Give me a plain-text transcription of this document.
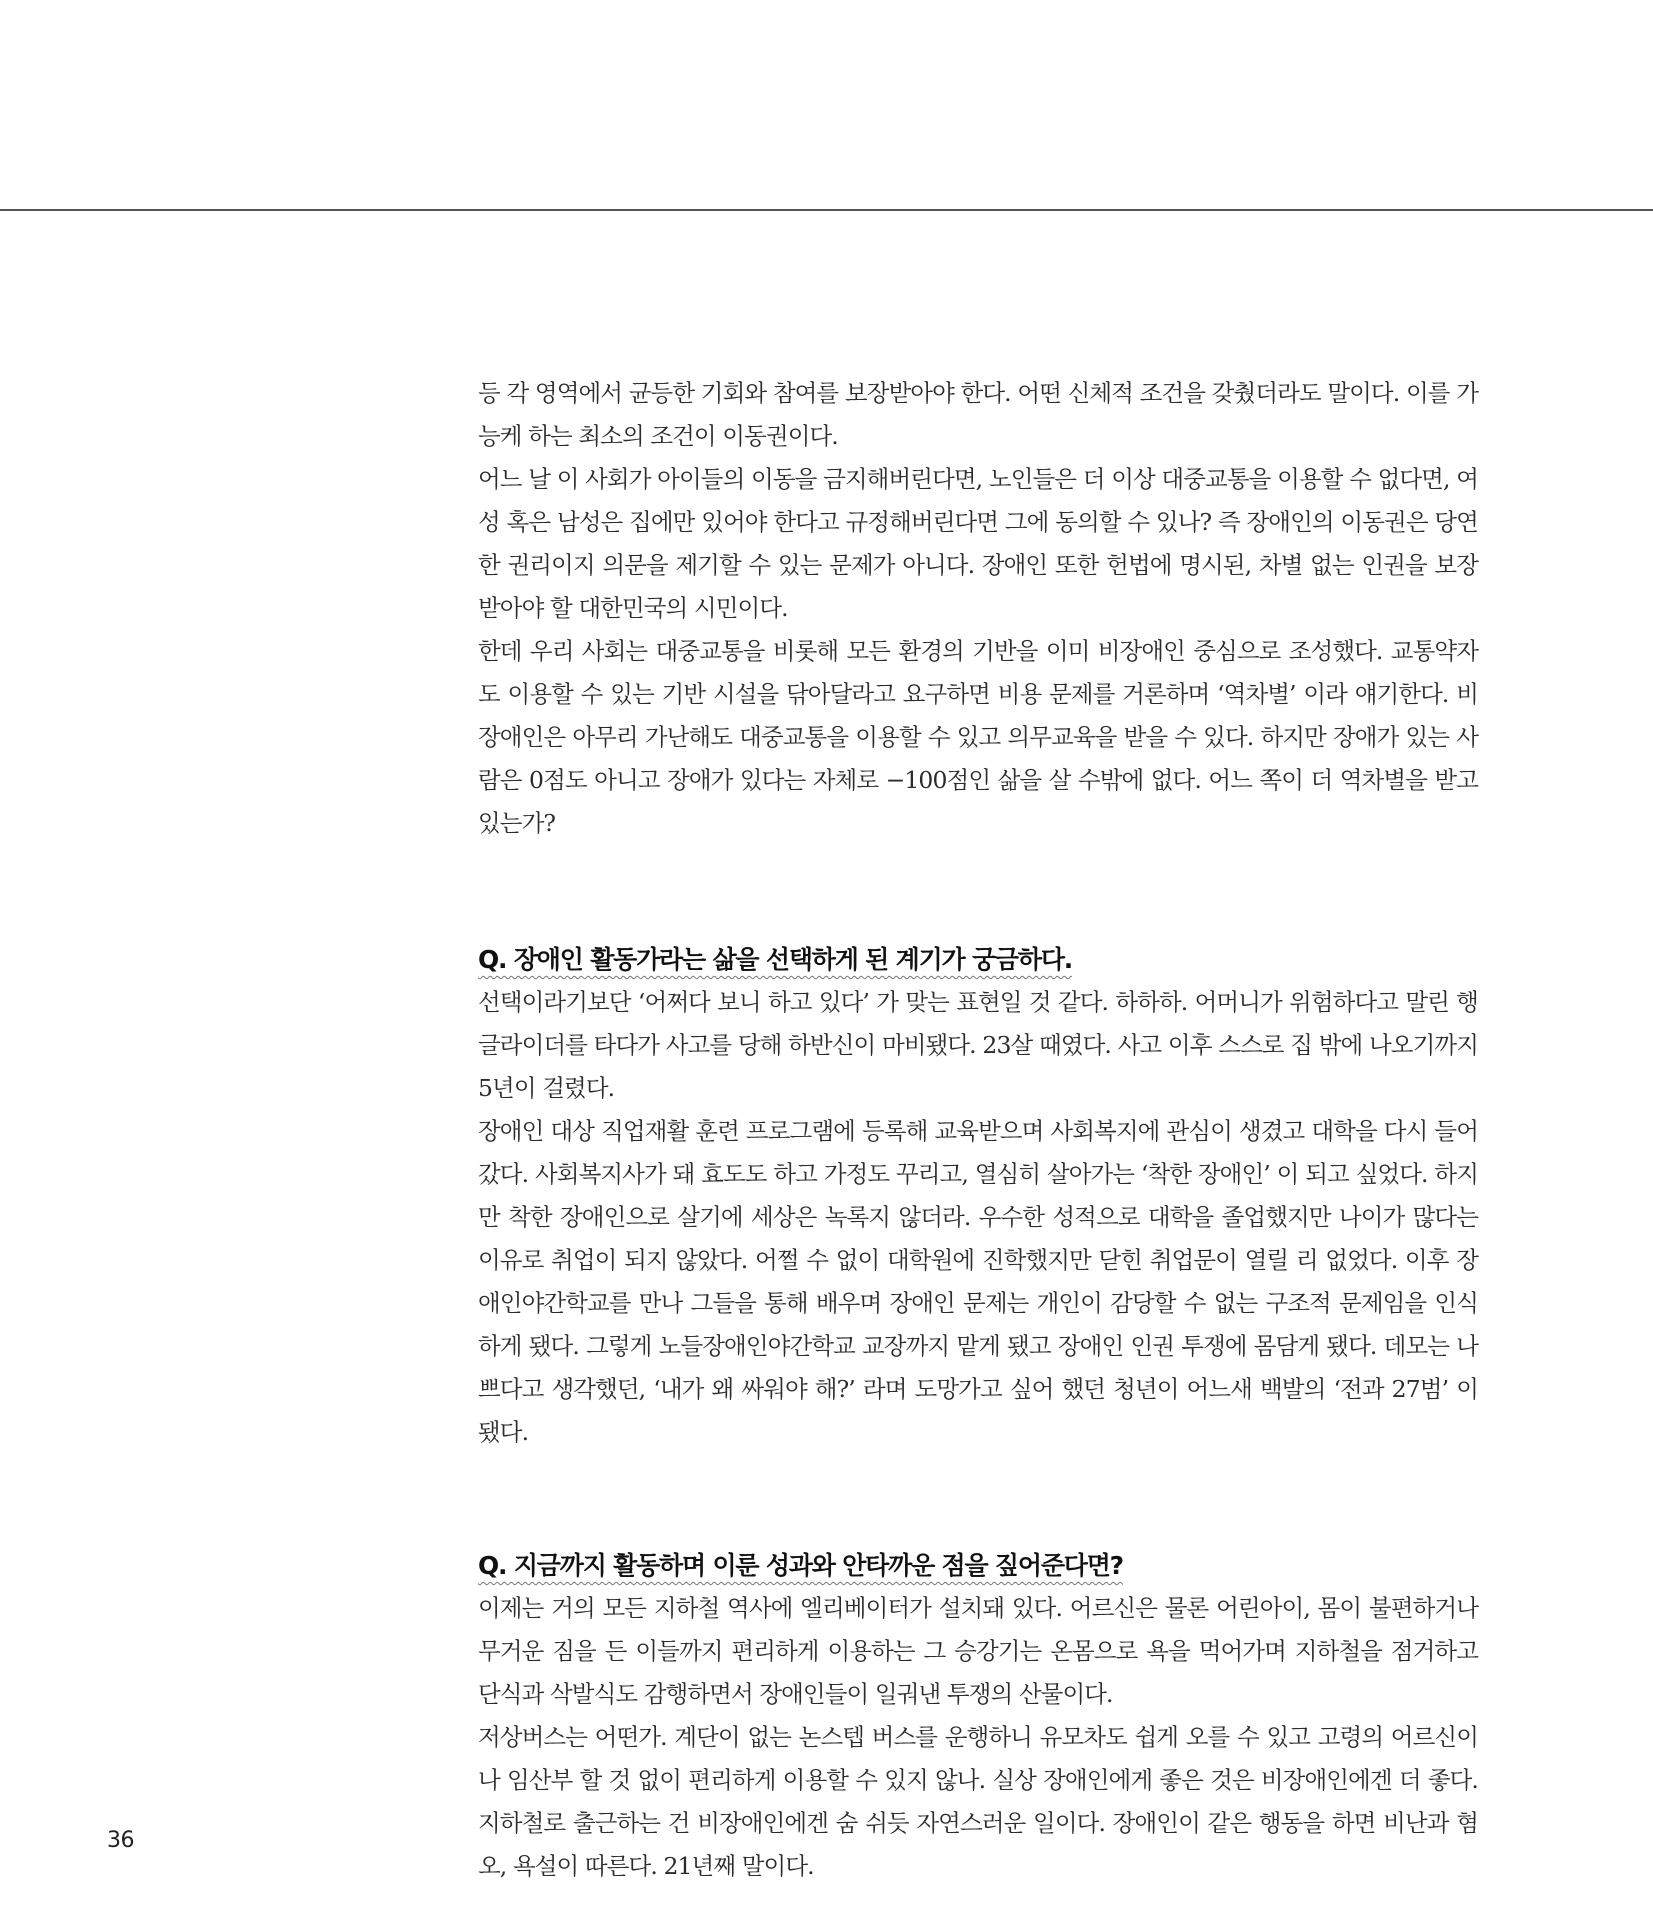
등 각 영역에서 균등한 기회와 참여를 보장받아야 한다. 어떤 신체적 조건을 갖췄더라도 말이다. 이를 가능케 하는 최소의 조건이 이동권이다.

어느 날 이 사회가 아이들의 이동을 금지해버린다면, 노인들은 더 이상 대중교통을 이용할 수 없다면, 여성 혹은 남성은 집에만 있어야 한다고 규정해버린다면 그에 동의할 수 있나? 즉 장애인의 이동권은 당연한 권리이지 의문을 제기할 수 있는 문제가 아니다. 장애인 또한 헌법에 명시된, 차별 없는 인권을 보장받아야 할 대한민국의 시민이다.

한데 우리 사회는 대중교통을 비롯해 모든 환경의 기반을 이미 비장애인 중심으로 조성했다. 교통약자도 이용할 수 있는 기반 시설을 닦아달라고 요구하면 비용 문제를 거론하며 ‘역차별’ 이라 얘기한다. 비장애인은 아무리 가난해도 대중교통을 이용할 수 있고 의무교육을 받을 수 있다. 하지만 장애가 있는 사람은 0점도 아니고 장애가 있다는 자체로 −100점인 삶을 살 수밖에 없다. 어느 쪽이 더 역차별을 받고 있는가?

Q. 장애인 활동가라는 삶을 선택하게 된 계기가 궁금하다.

선택이라기보단 ‘어쩌다 보니 하고 있다’ 가 맞는 표현일 것 같다. 하하하. 어머니가 위험하다고 말린 행글라이더를 타다가 사고를 당해 하반신이 마비됐다. 23살 때였다. 사고 이후 스스로 집 밖에 나오기까지 5년이 걸렸다.

장애인 대상 직업재활 훈련 프로그램에 등록해 교육받으며 사회복지에 관심이 생겼고 대학을 다시 들어갔다. 사회복지사가 돼 효도도 하고 가정도 꾸리고, 열심히 살아가는 ‘착한 장애인’ 이 되고 싶었다. 하지만 착한 장애인으로 살기에 세상은 녹록지 않더라. 우수한 성적으로 대학을 졸업했지만 나이가 많다는 이유로 취업이 되지 않았다. 어쩔 수 없이 대학원에 진학했지만 닫힌 취업문이 열릴 리 없었다. 이후 장애인야간학교를 만나 그들을 통해 배우며 장애인 문제는 개인이 감당할 수 없는 구조적 문제임을 인식하게 됐다. 그렇게 노들장애인야간학교 교장까지 맡게 됐고 장애인 인권 투쟁에 몸담게 됐다. 데모는 나쁘다고 생각했던, ‘내가 왜 싸워야 해?’ 라며 도망가고 싶어 했던 청년이 어느새 백발의 ‘전과 27범’ 이 됐다.

Q. 지금까지 활동하며 이룬 성과와 안타까운 점을 짚어준다면?

이제는 거의 모든 지하철 역사에 엘리베이터가 설치돼 있다. 어르신은 물론 어린아이, 몸이 불편하거나 무거운 짐을 든 이들까지 편리하게 이용하는 그 승강기는 온몸으로 욕을 먹어가며 지하철을 점거하고 단식과 삭발식도 감행하면서 장애인들이 일궈낸 투쟁의 산물이다.

저상버스는 어떤가. 계단이 없는 논스텝 버스를 운행하니 유모차도 쉽게 오를 수 있고 고령의 어르신이나 임산부 할 것 없이 편리하게 이용할 수 있지 않나. 실상 장애인에게 좋은 것은 비장애인에겐 더 좋다. 지하철로 출근하는 건 비장애인에겐 숨 쉬듯 자연스러운 일이다. 장애인이 같은 행동을 하면 비난과 혐오, 욕설이 따른다. 21년째 말이다.

36
